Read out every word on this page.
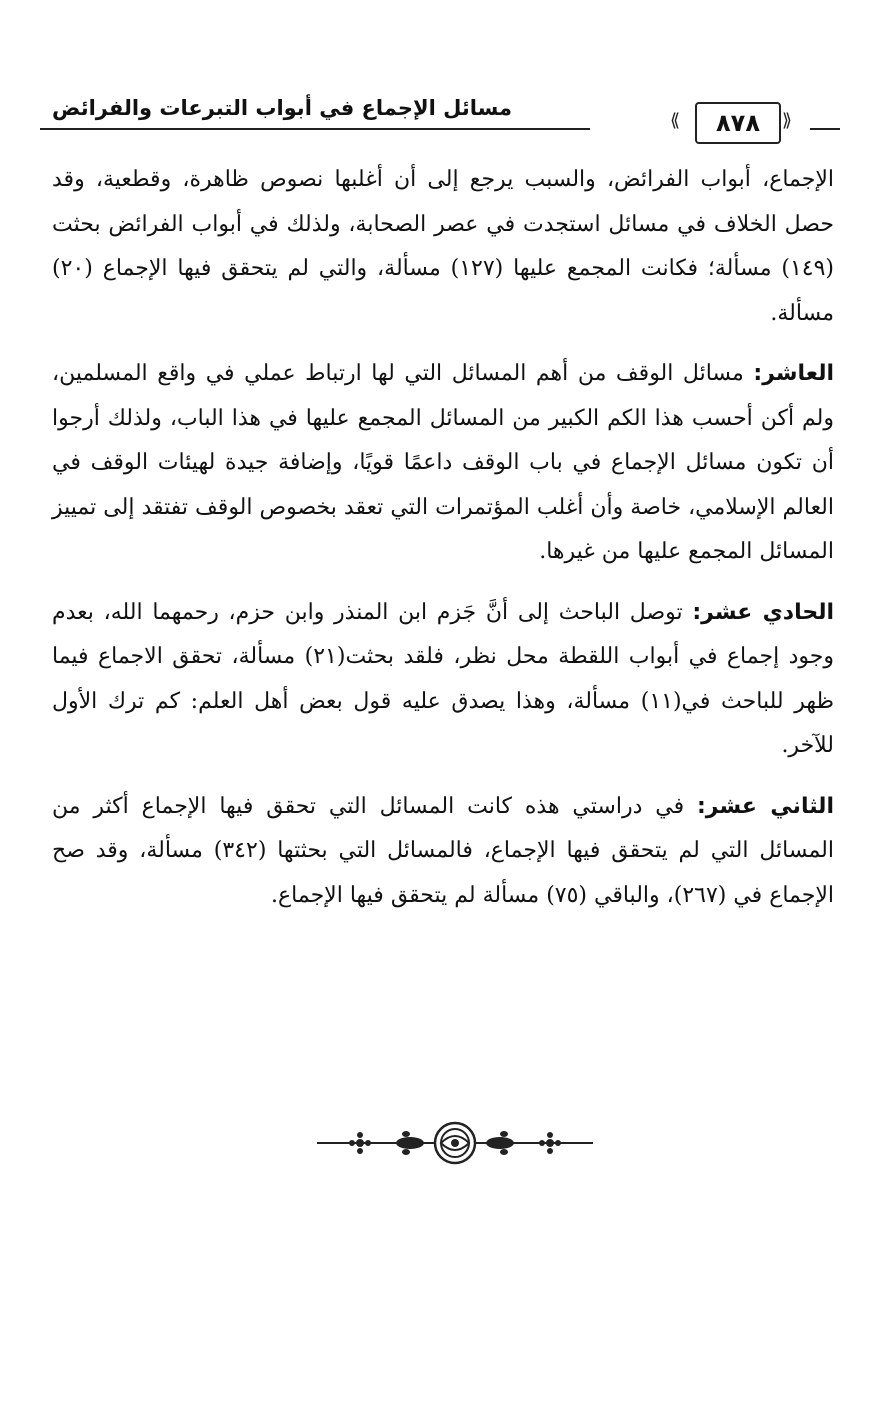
مسائل الإجماع في أبواب التبرعات والفرائض
⟪ ٨٧٨ ⟫

الإجماع، أبواب الفرائض، والسبب يرجع إلى أن أغلبها نصوص ظاهرة، وقطعية، وقد حصل الخلاف في مسائل استجدت في عصر الصحابة، ولذلك في أبواب الفرائض بحثت (١٤٩) مسألة؛ فكانت المجمع عليها (١٢٧) مسألة، والتي لم يتحقق فيها الإجماع (٢٠) مسألة.

العاشر: مسائل الوقف من أهم المسائل التي لها ارتباط عملي في واقع المسلمين، ولم أكن أحسب هذا الكم الكبير من المسائل المجمع عليها في هذا الباب، ولذلك أرجوا أن تكون مسائل الإجماع في باب الوقف داعمًا قويًا، وإضافة جيدة لهيئات الوقف في العالم الإسلامي، خاصة وأن أغلب المؤتمرات التي تعقد بخصوص الوقف تفتقد إلى تمييز المسائل المجمع عليها من غيرها.

الحادي عشر: توصل الباحث إلى أنَّ جَزم ابن المنذر وابن حزم، رحمهما الله، بعدم وجود إجماع في أبواب اللقطة محل نظر، فلقد بحثت(٢١) مسألة، تحقق الاجماع فيما ظهر للباحث في(١١) مسألة، وهذا يصدق عليه قول بعض أهل العلم: كم ترك الأول للآخر.

الثاني عشر: في دراستي هذه كانت المسائل التي تحقق فيها الإجماع أكثر من المسائل التي لم يتحقق فيها الإجماع، فالمسائل التي بحثتها (٣٤٢) مسألة، وقد صح الإجماع في (٢٦٧)، والباقي (٧٥) مسألة لم يتحقق فيها الإجماع.
